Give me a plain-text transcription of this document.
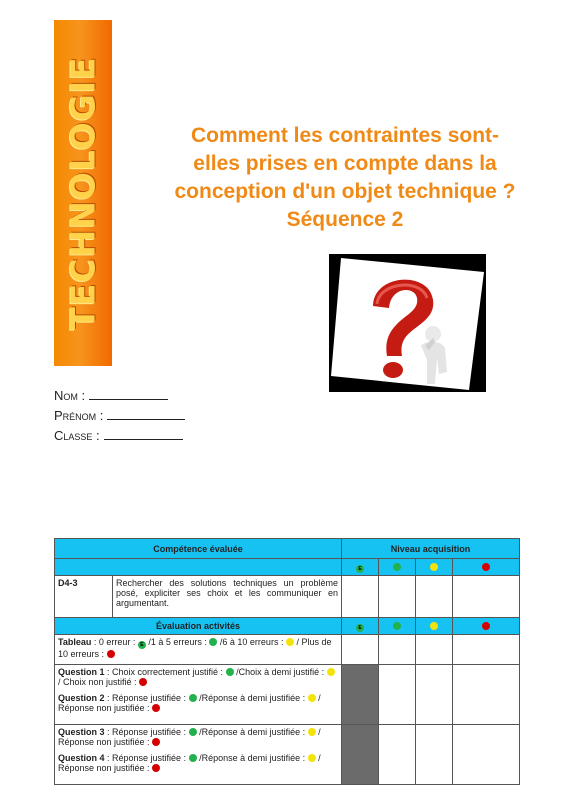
TECHNOLOGIE	Comment les contraintes sont-
elles prises en compte dans la
conception d'un objet technique ?
Séquence 2
Nom :
Prénom :
Classe :
Compétence évaluée		Niveau acquisition			
		E			
D4-3	Rechercher des solutions techniques un problème posé, expliciter ses choix et les communiquer en argumentant.				
Évaluation activités		E			
Tableau : 0 erreur : E /1 à 5 erreurs :  /6 à 10 erreurs :  / Plus de 10 erreurs :					

Question 1 : Choix correctement justifié :  /Choix à demi justifié :  / Choix non justifié :

Question 2 : Réponse justifiée :  /Réponse à demi justifiée :  / Réponse non justifiée :					

Question 3 : Réponse justifiée :  /Réponse à demi justifiée :  / Réponse non justifiée :

Question 4 : Réponse justifiée :  /Réponse à demi justifiée :  / Réponse non justifiée :					
